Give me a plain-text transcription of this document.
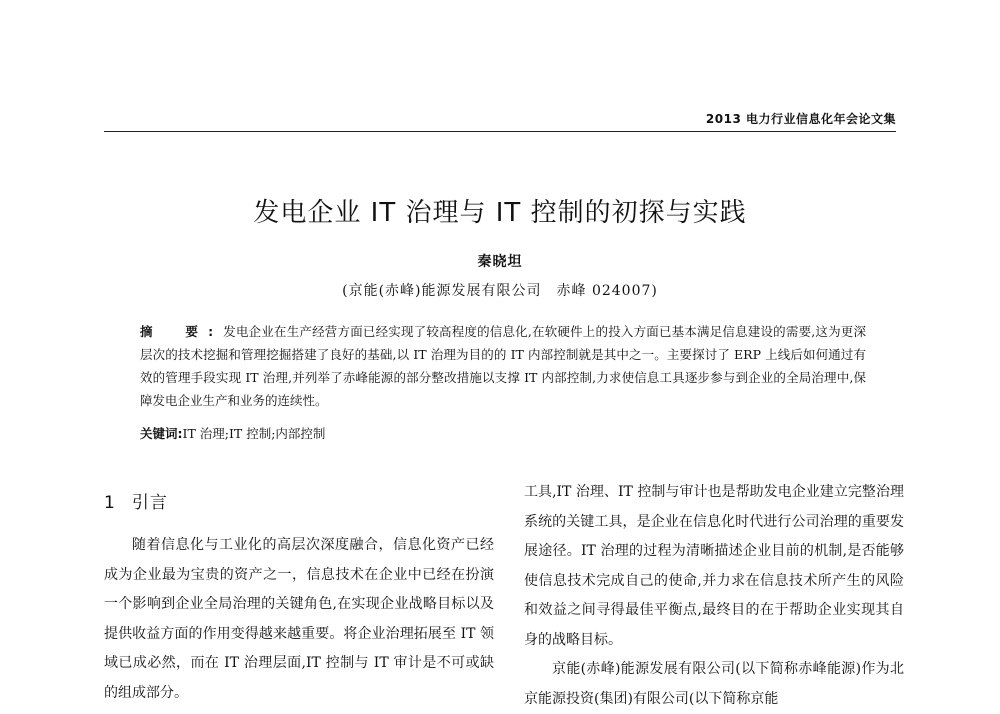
2013 电力行业信息化年会论文集
发电企业 IT 治理与 IT 控制的初探与实践
秦晓坦
(京能(赤峰)能源发展有限公司　赤峰 024007)
摘　要:发电企业在生产经营方面已经实现了较高程度的信息化,在软硬件上的投入方面已基本满足信息建设的需要,这为更深层次的技术挖掘和管理挖掘搭建了良好的基础,以 IT 治理为目的的 IT 内部控制就是其中之一。主要探讨了 ERP 上线后如何通过有效的管理手段实现 IT 治理,并列举了赤峰能源的部分整改措施以支撑 IT 内部控制,力求使信息工具逐步参与到企业的全局治理中,保障发电企业生产和业务的连续性。
关键词:IT 治理;IT 控制;内部控制
1 引言

随着信息化与工业化的高层次深度融合，信息化资产已经成为企业最为宝贵的资产之一，信息技术在企业中已经在扮演一个影响到企业全局治理的关键角色,在实现企业战略目标以及提供收益方面的作用变得越来越重要。将企业治理拓展至 IT 领域已成必然，而在 IT 治理层面,IT 控制与 IT 审计是不可或缺的组成部分。

工具,IT 治理、IT 控制与审计也是帮助发电企业建立完整治理系统的关键工具，是企业在信息化时代进行公司治理的重要发展途径。IT 治理的过程为清晰描述企业目前的机制,是否能够使信息技术完成自己的使命,并力求在信息技术所产生的风险和效益之间寻得最佳平衡点,最终目的在于帮助企业实现其自身的战略目标。

京能(赤峰)能源发展有限公司(以下简称赤峰能源)作为北京能源投资(集团)有限公司(以下简称京能
